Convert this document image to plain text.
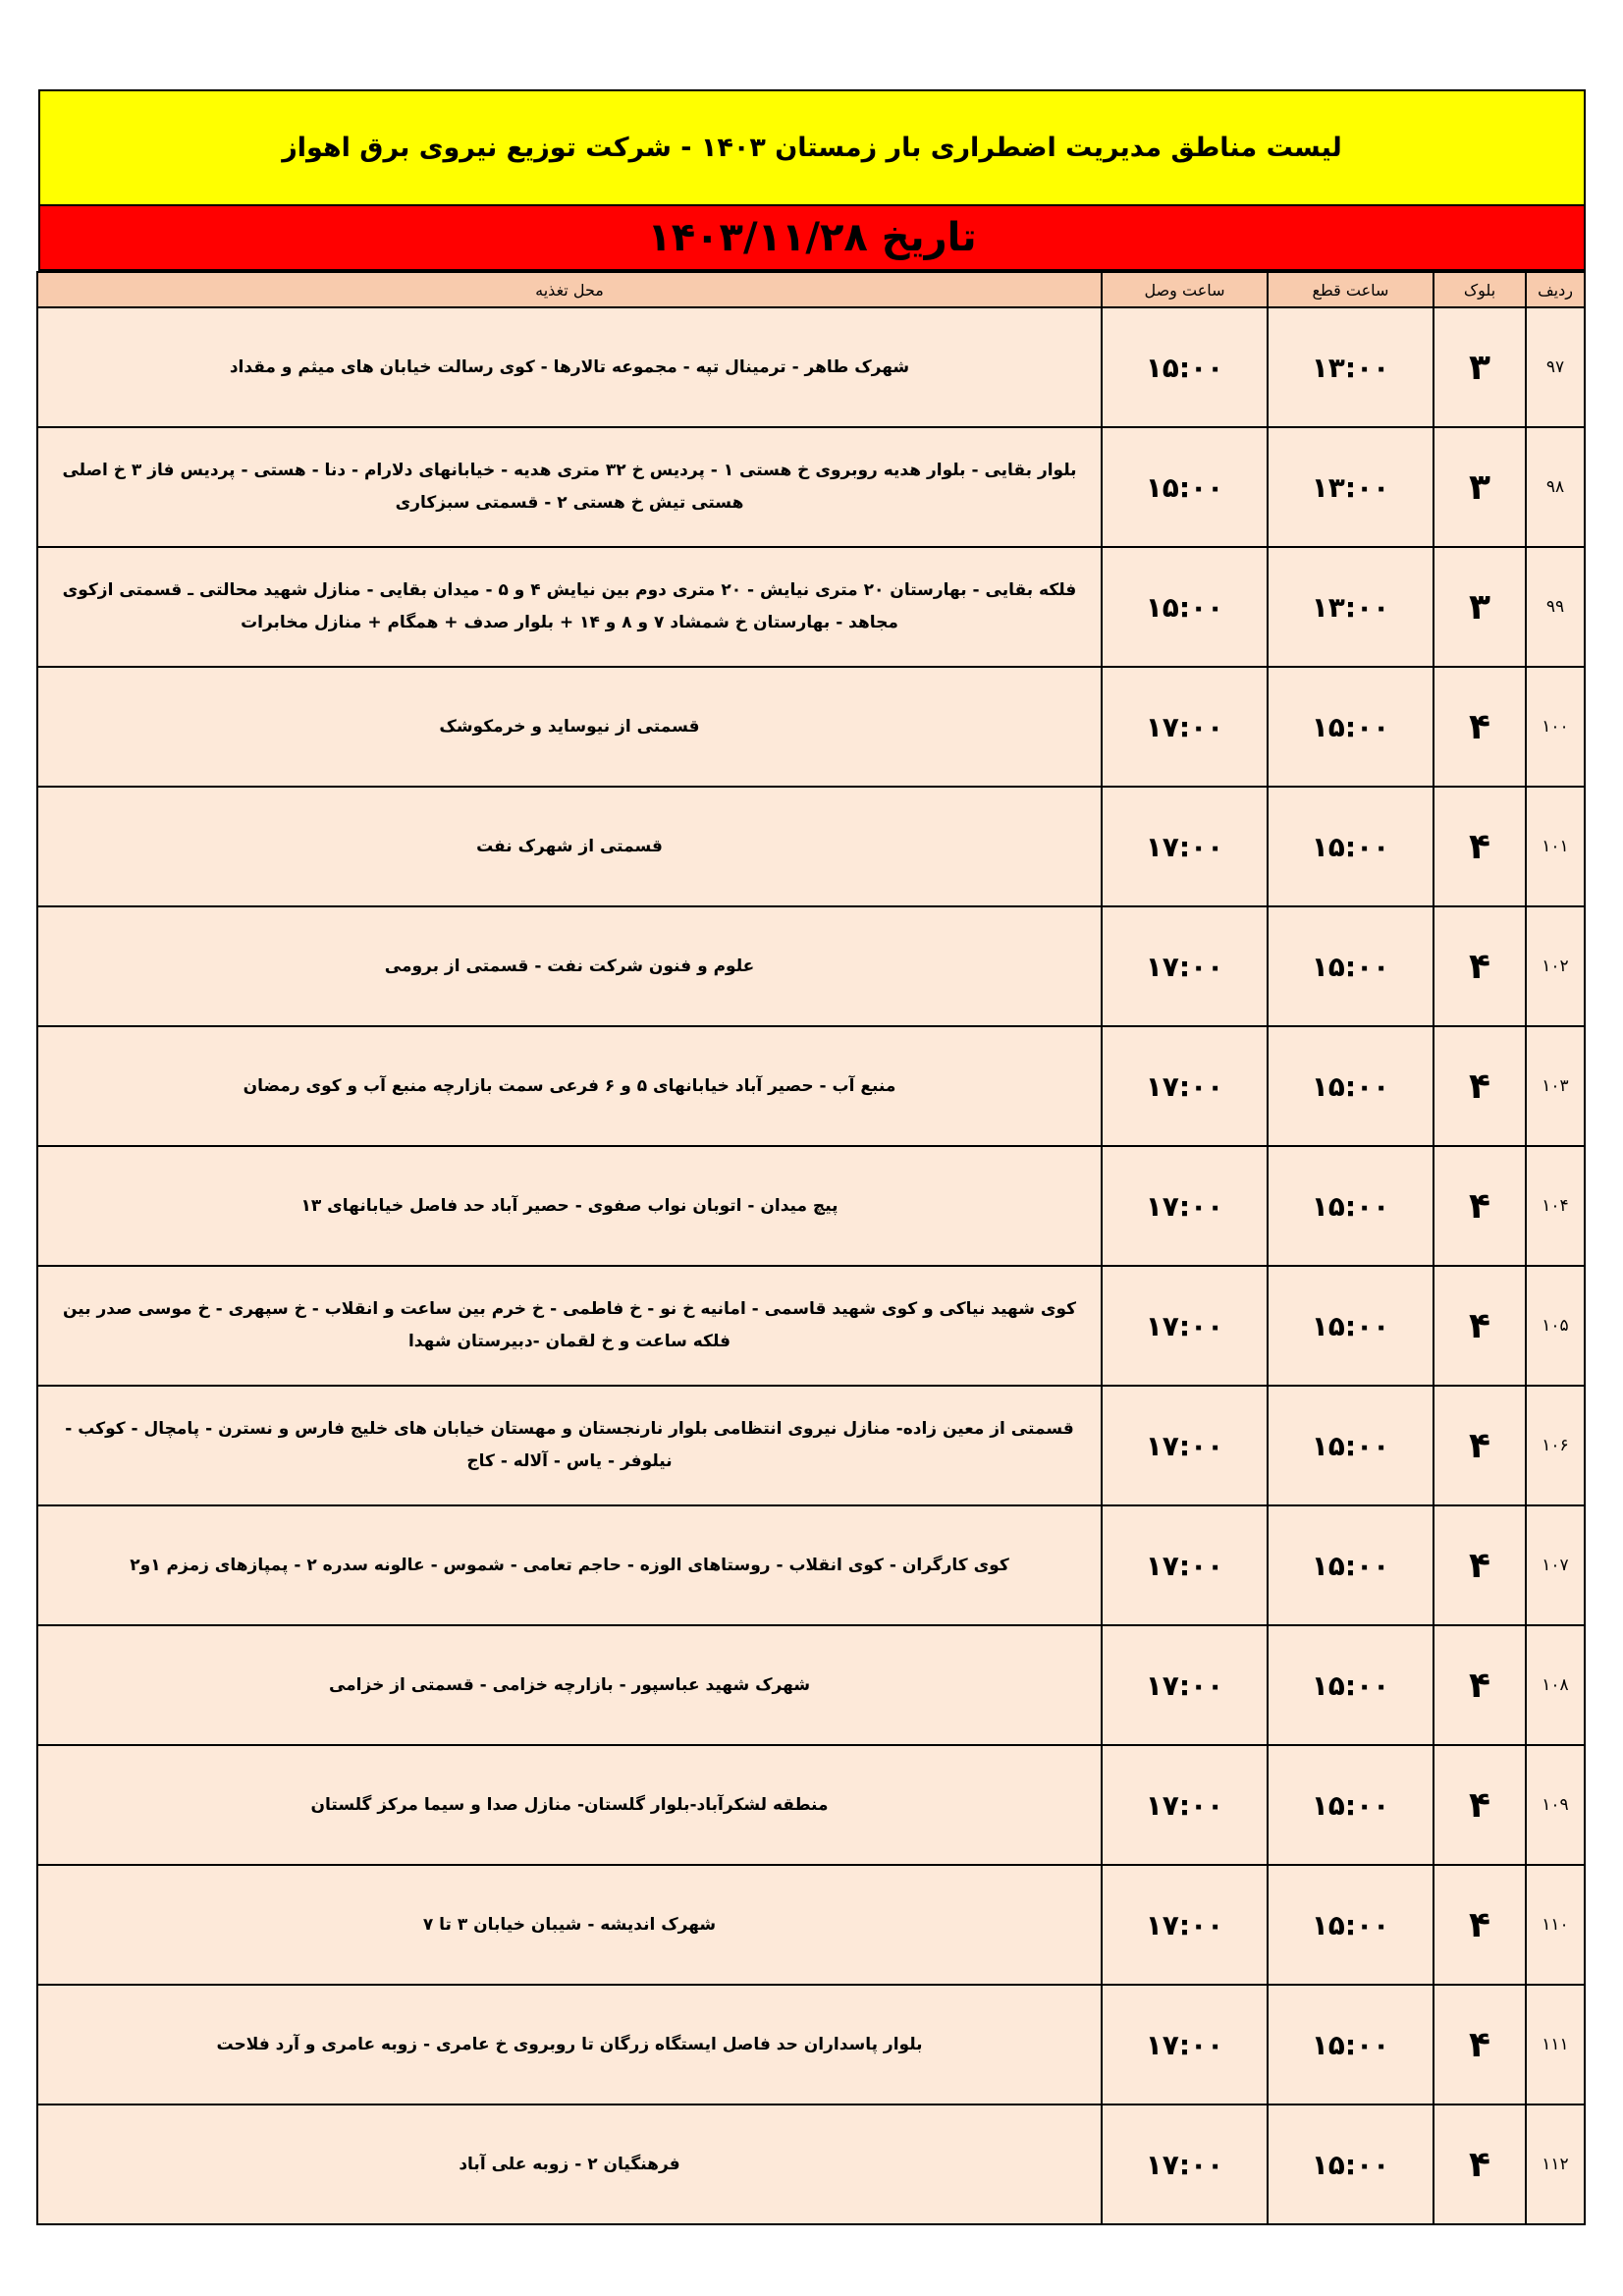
لیست مناطق مدیریت اضطراری بار زمستان ۱۴۰۳ - شرکت توزیع نیروی برق اهواز
تاریخ ۱۴۰۳/۱۱/۲۸
ردیف	بلوک	ساعت قطع	ساعت وصل	محل تغذیه
۹۷	۳	۱۳:۰۰	۱۵:۰۰	شهرک طاهر - ترمینال تپه - مجموعه تالارها - کوی رسالت خیابان های میثم و مقداد
۹۸	۳	۱۳:۰۰	۱۵:۰۰	بلوار بقایی - بلوار هدیه روبروی خ هستی ۱ - پردیس خ ۳۲ متری هدیه - خیابانهای دلارام - دنا - هستی - پردیس فاز ۳ خ اصلی هستی تیش خ هستی ۲ - قسمتی سبزکاری
۹۹	۳	۱۳:۰۰	۱۵:۰۰	فلکه بقایی - بهارستان ۲۰ متری نیایش - ۲۰ متری دوم بین نیایش ۴ و ۵ - میدان بقایی - منازل شهید محالتی ـ قسمتی ازکوی مجاهد - بهارستان خ شمشاد ۷ و ۸ و ۱۴ + بلوار صدف + همگام + منازل مخابرات
۱۰۰	۴	۱۵:۰۰	۱۷:۰۰	قسمتی از نیوساید و خرمکوشک
۱۰۱	۴	۱۵:۰۰	۱۷:۰۰	قسمتی از شهرک نفت
۱۰۲	۴	۱۵:۰۰	۱۷:۰۰	علوم و فنون شرکت نفت - قسمتی از برومی
۱۰۳	۴	۱۵:۰۰	۱۷:۰۰	منبع آب - حصیر آباد خیابانهای ۵ و ۶ فرعی سمت بازارچه منبع آب و کوی رمضان
۱۰۴	۴	۱۵:۰۰	۱۷:۰۰	پیچ میدان - اتوبان نواب صفوی - حصیر آباد حد فاصل خیابانهای ۱۳
۱۰۵	۴	۱۵:۰۰	۱۷:۰۰	کوی شهید نیاکی و کوی شهید قاسمی - امانیه خ نو - خ فاطمی - خ خرم بین ساعت و انقلاب - خ سپهری - خ موسی صدر بین فلکه ساعت و خ لقمان -دبیرستان شهدا
۱۰۶	۴	۱۵:۰۰	۱۷:۰۰	قسمتی از معین زاده- منازل نیروی انتظامی بلوار نارنجستان و مهستان خیابان های خلیج فارس و نسترن - پامچال - کوکب - نیلوفر - یاس - آلاله - کاج
۱۰۷	۴	۱۵:۰۰	۱۷:۰۰	کوی کارگران - کوی انقلاب - روستاهای الوزه - حاجم تعامی - شموس - عالونه سدره ۲ - پمپازهای زمزم ۱و۲
۱۰۸	۴	۱۵:۰۰	۱۷:۰۰	شهرک شهید عباسپور - بازارچه خزامی - قسمتی از خزامی
۱۰۹	۴	۱۵:۰۰	۱۷:۰۰	منطقه لشکرآباد-بلوار گلستان- منازل صدا و سیما مرکز گلستان
۱۱۰	۴	۱۵:۰۰	۱۷:۰۰	شهرک اندیشه - شیبان خیابان ۳ تا ۷
۱۱۱	۴	۱۵:۰۰	۱۷:۰۰	بلوار پاسداران حد فاصل ایستگاه زرگان تا روبروی خ عامری - زوبه عامری و آرد فلاحت
۱۱۲	۴	۱۵:۰۰	۱۷:۰۰	فرهنگیان ۲ - زوبه علی آباد
